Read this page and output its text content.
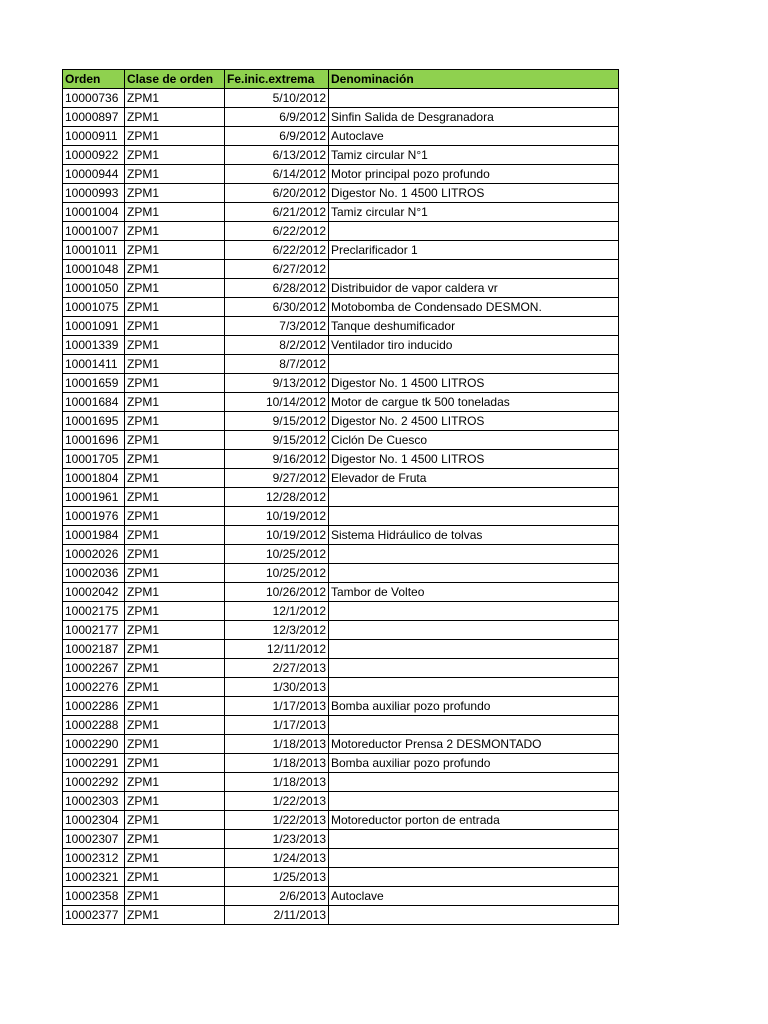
Orden	Clase de orden	Fe.inic.extrema	Denominación
10000736	ZPM1	5/10/2012	
10000897	ZPM1	6/9/2012	Sinfin Salida de Desgranadora
10000911	ZPM1	6/9/2012	Autoclave
10000922	ZPM1	6/13/2012	Tamiz circular N°1
10000944	ZPM1	6/14/2012	Motor principal pozo profundo
10000993	ZPM1	6/20/2012	Digestor No. 1 4500 LITROS
10001004	ZPM1	6/21/2012	Tamiz circular N°1
10001007	ZPM1	6/22/2012	
10001011	ZPM1	6/22/2012	Preclarificador 1
10001048	ZPM1	6/27/2012	
10001050	ZPM1	6/28/2012	Distribuidor de vapor caldera vr
10001075	ZPM1	6/30/2012	Motobomba de Condensado DESMON.
10001091	ZPM1	7/3/2012	Tanque deshumificador
10001339	ZPM1	8/2/2012	Ventilador tiro inducido
10001411	ZPM1	8/7/2012	
10001659	ZPM1	9/13/2012	Digestor No. 1 4500 LITROS
10001684	ZPM1	10/14/2012	Motor de cargue tk 500 toneladas
10001695	ZPM1	9/15/2012	Digestor No. 2 4500 LITROS
10001696	ZPM1	9/15/2012	Ciclón De Cuesco
10001705	ZPM1	9/16/2012	Digestor No. 1 4500 LITROS
10001804	ZPM1	9/27/2012	Elevador de Fruta
10001961	ZPM1	12/28/2012	
10001976	ZPM1	10/19/2012	
10001984	ZPM1	10/19/2012	Sistema Hidráulico de tolvas
10002026	ZPM1	10/25/2012	
10002036	ZPM1	10/25/2012	
10002042	ZPM1	10/26/2012	Tambor de Volteo
10002175	ZPM1	12/1/2012	
10002177	ZPM1	12/3/2012	
10002187	ZPM1	12/11/2012	
10002267	ZPM1	2/27/2013	
10002276	ZPM1	1/30/2013	
10002286	ZPM1	1/17/2013	Bomba auxiliar pozo profundo
10002288	ZPM1	1/17/2013	
10002290	ZPM1	1/18/2013	Motoreductor Prensa 2 DESMONTADO
10002291	ZPM1	1/18/2013	Bomba auxiliar pozo profundo
10002292	ZPM1	1/18/2013	
10002303	ZPM1	1/22/2013	
10002304	ZPM1	1/22/2013	Motoreductor porton de entrada
10002307	ZPM1	1/23/2013	
10002312	ZPM1	1/24/2013	
10002321	ZPM1	1/25/2013	
10002358	ZPM1	2/6/2013	Autoclave
10002377	ZPM1	2/11/2013	
